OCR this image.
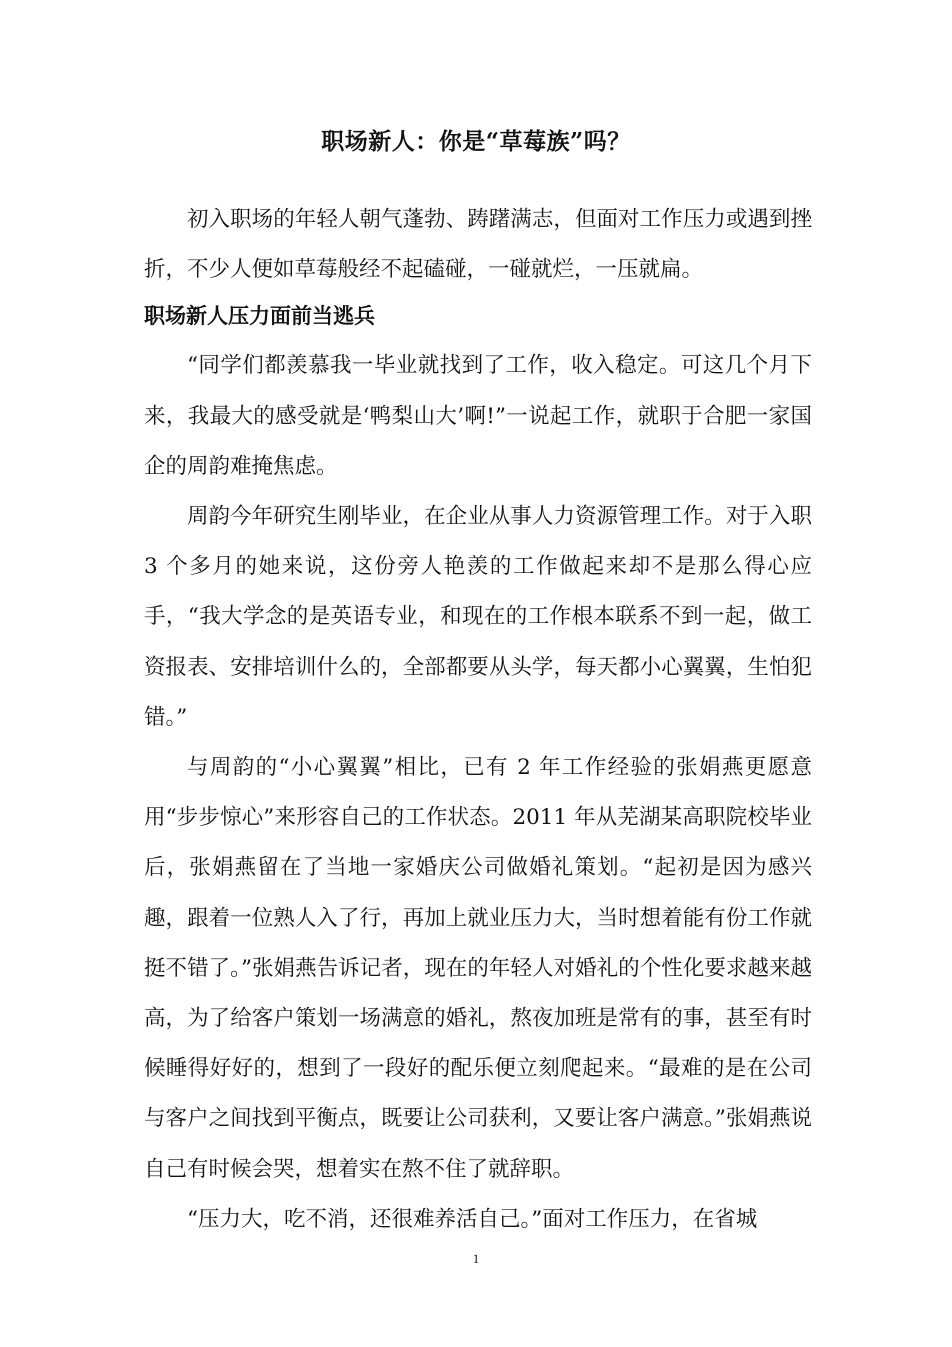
职场新人：你是“草莓族”吗？

初入职场的年轻人朝气蓬勃、踌躇满志，但面对工作压力或遇到挫折，不少人便如草莓般经不起磕碰，一碰就烂，一压就扁。

职场新人压力面前当逃兵

“同学们都羡慕我一毕业就找到了工作，收入稳定。可这几个月下来，我最大的感受就是‘鸭梨山大’啊!”一说起工作，就职于合肥一家国企的周韵难掩焦虑。

周韵今年研究生刚毕业，在企业从事人力资源管理工作。对于入职 3 个多月的她来说，这份旁人艳羡的工作做起来却不是那么得心应手，“我大学念的是英语专业，和现在的工作根本联系不到一起，做工资报表、安排培训什么的，全部都要从头学，每天都小心翼翼，生怕犯错。”

与周韵的“小心翼翼”相比，已有 2 年工作经验的张娟燕更愿意用“步步惊心”来形容自己的工作状态。2011 年从芜湖某高职院校毕业后，张娟燕留在了当地一家婚庆公司做婚礼策划。“起初是因为感兴趣，跟着一位熟人入了行，再加上就业压力大，当时想着能有份工作就挺不错了。”张娟燕告诉记者，现在的年轻人对婚礼的个性化要求越来越高，为了给客户策划一场满意的婚礼，熬夜加班是常有的事，甚至有时候睡得好好的，想到了一段好的配乐便立刻爬起来。“最难的是在公司与客户之间找到平衡点，既要让公司获利，又要让客户满意。”张娟燕说自己有时候会哭，想着实在熬不住了就辞职。

“压力大，吃不消，还很难养活自己。”面对工作压力，在省城

1
